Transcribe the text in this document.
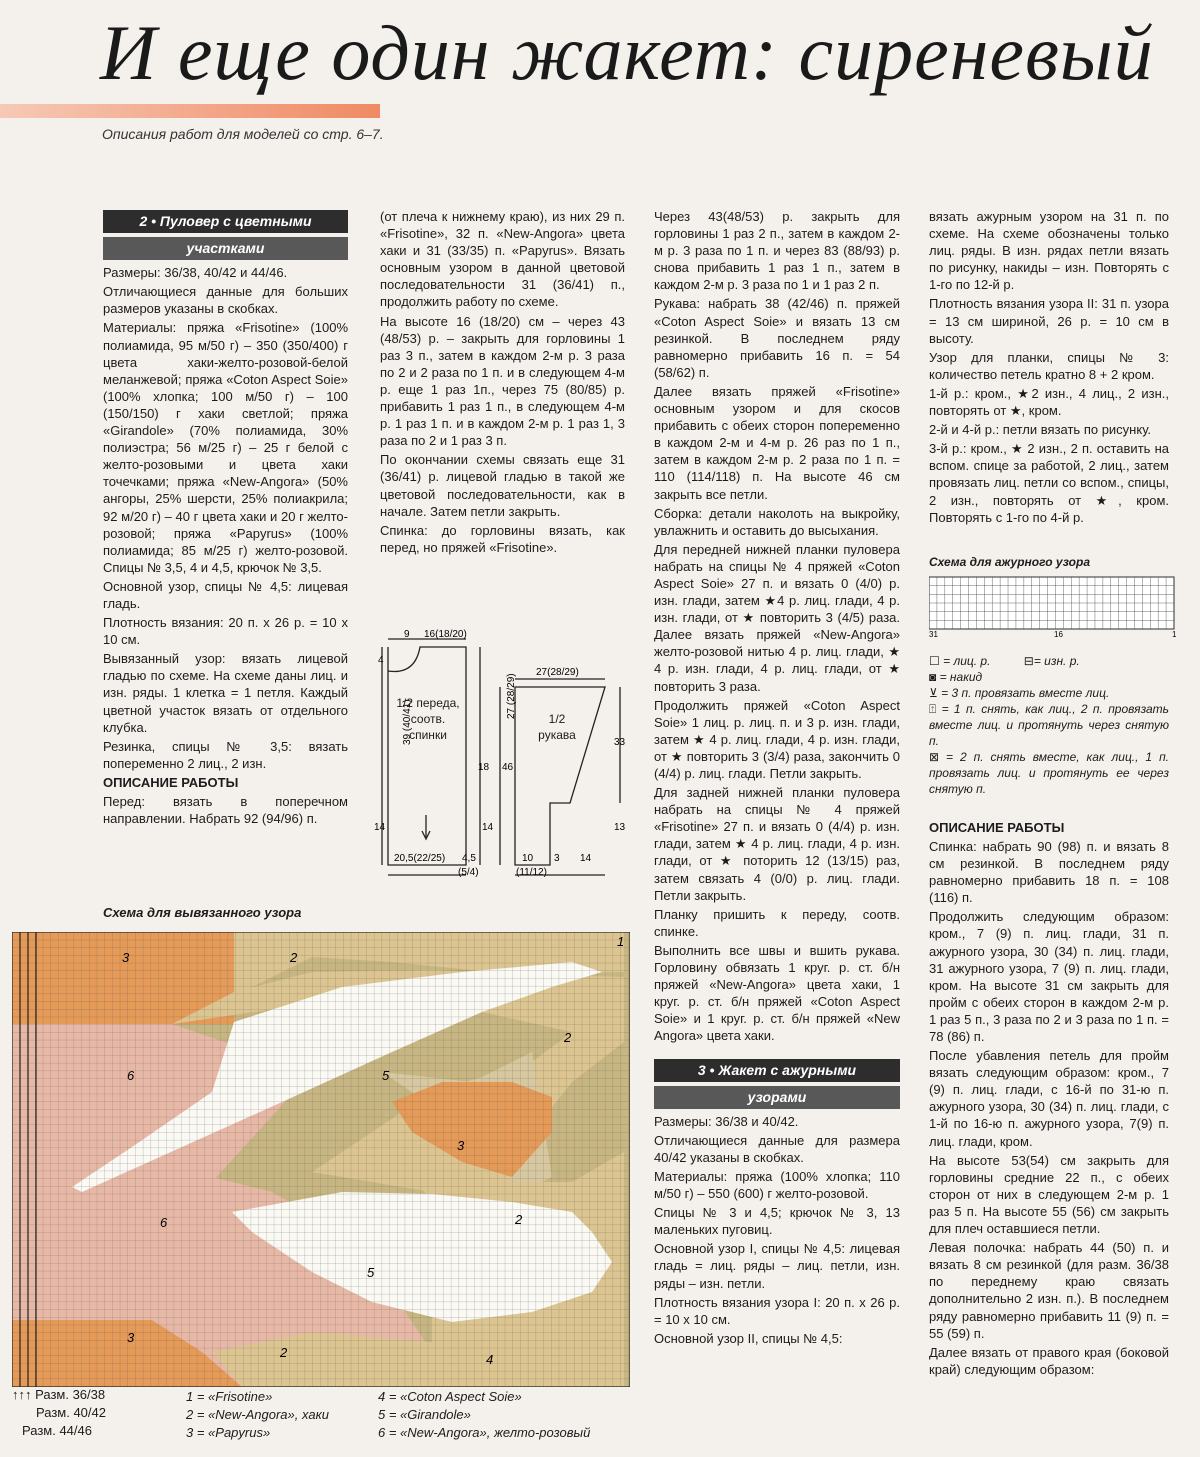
И еще один жакет: сиреневый
Описания работ для моделей со стр. 6–7.

2 • Пуловер с цветными

участками

Размеры: 36/38, 40/42 и 44/46.

Отличающиеся данные для больших размеров указаны в скобках.

Материалы: пряжа «Frisotine» (100% полиамида, 95 м/50 г) – 350 (350/400) г цвета хаки-желто-розовой-белой меланжевой; пряжа «Coton Aspect Soie» (100% хлопка; 100 м/50 г) – 100 (150/150) г хаки светлой; пряжа «Girandole» (70% полиамида, 30% полиэстра; 56 м/25 г) – 25 г белой с желто-розовыми и цвета хаки точечками; пряжа «New-Angora» (50% ангоры, 25% шерсти, 25% полиакрила; 92 м/20 г) – 40 г цвета хаки и 20 г желто-розовой; пряжа «Papyrus» (100% полиамида; 85 м/25 г) желто-розовой. Спицы № 3,5, 4 и 4,5, крючок № 3,5.

Основной узор, спицы № 4,5: лицевая гладь.

Плотность вязания: 20 п. x 26 р. = 10 x 10 см.

Вывязанный узор: вязать лицевой гладью по схеме. На схеме даны лиц. и изн. ряды. 1 клетка = 1 петля. Каждый цветной участок вязать от отдельного клубка.

Резинка, спицы № 3,5: вязать попеременно 2 лиц., 2 изн.

ОПИСАНИЕ РАБОТЫ

Перед: вязать в поперечном направлении. Набрать 92 (94/96) п.

(от плеча к нижнему краю), из них 29 п. «Frisotine», 32 п. «New-Angora» цвета хаки и 31 (33/35) п. «Papyrus». Вязать основным узором в данной цветовой последовательности 31 (36/41) п., продолжить работу по схеме.

На высоте 16 (18/20) см – через 43 (48/53) р. – закрыть для горловины 1 раз 3 п., затем в каждом 2-м р. 3 раза по 2 и 2 раза по 1 п. и в следующем 4-м р. еще 1 раз 1п., через 75 (80/85) р. прибавить 1 раз 1 п., в следующем 4-м р. 1 раз 1 п. и в каждом 2-м р. 1 раз 1, 3 раза по 2 и 1 раз 3 п.

По окончании схемы связать еще 31 (36/41) р. лицевой гладью в такой же цветовой последовательности, как в начале. Затем петли закрыть.

Спинка: до горловины вязать, как перед, но пряжей «Frisotine».

9 16(18/20)
4
39 (40/41)
27 (28/29)
18
14	14
20,5(22/25) 4,5
(5/4)
27(28/29)
46
33
13
10 3
(11/12)
14
1/2 переда, соотв. спинки
1/2 рукава

Через 43(48/53) р. закрыть для горловины 1 раз 2 п., затем в каждом 2-м р. 3 раза по 1 п. и через 83 (88/93) р. снова прибавить 1 раз 1 п., затем в каждом 2-м р. 3 раза по 1 и 1 раз 2 п.

Рукава: набрать 38 (42/46) п. пряжей «Coton Aspect Soie» и вязать 13 см резинкой. В последнем ряду равномерно прибавить 16 п. = 54 (58/62) п.

Далее вязать пряжей «Frisotine» основным узором и для скосов прибавить с обеих сторон попеременно в каждом 2-м и 4-м р. 26 раз по 1 п., затем в каждом 2-м р. 2 раза по 1 п. = 110 (114/118) п. На высоте 46 см закрыть все петли.

Сборка: детали наколоть на выкройку, увлажнить и оставить до высыхания.

Для передней нижней планки пуловера набрать на спицы № 4 пряжей «Coton Aspect Soie» 27 п. и вязать 0 (4/0) р. изн. глади, затем ★4 р. лиц. глади, 4 р. изн. глади, от ★ повторить 3 (4/5) раза. Далее вязать пряжей «New-Angora» желто-розовой нитью 4 р. лиц. глади, ★ 4 р. изн. глади, 4 р. лиц. глади, от ★ повторить 3 раза.

Продолжить пряжей «Coton Aspect Soie» 1 лиц. р. лиц. п. и 3 р. изн. глади, затем ★ 4 р. лиц. глади, 4 р. изн. глади, от ★ повторить 3 (3/4) раза, закончить 0 (4/4) р. лиц. глади. Петли закрыть.

Для задней нижней планки пуловера набрать на спицы № 4 пряжей «Frisotine» 27 п. и вязать 0 (4/4) р. изн. глади, затем ★ 4 р. лиц. глади, 4 р. изн. глади, от ★ поторить 12 (13/15) раз, затем связать 4 (0/0) р. лиц. глади. Петли закрыть.

Планку пришить к переду, соотв. спинке.

Выполнить все швы и вшить рукава. Горловину обвязать 1 круг. р. ст. б/н пряжей «New-Angora» цвета хаки, 1 круг. р. ст. б/н пряжей «Coton Aspect Soie» и 1 круг. р. ст. б/н пряжей «New Angora» цвета хаки.

3 • Жакет с ажурными

узорами

Размеры: 36/38 и 40/42.

Отличающиеся данные для размера 40/42 указаны в скобках.

Материалы: пряжа (100% хлопка; 110 м/50 г) – 550 (600) г желто-розовой.

Спицы № 3 и 4,5; крючок № 3, 13 маленьких пуговиц.

Основной узор I, спицы № 4,5: лицевая гладь = лиц. ряды – лиц. петли, изн. ряды – изн. петли.

Плотность вязания узора I: 20 п. x 26 р. = 10 x 10 см.

Основной узор II, спицы № 4,5:

вязать ажурным узором на 31 п. по схеме. На схеме обозначены только лиц. ряды. В изн. рядах петли вязать по рисунку, накиды – изн. Повторять с 1-го по 12-й р.

Плотность вязания узора II: 31 п. узора = 13 см шириной, 26 р. = 10 см в высоту.

Узор для планки, спицы № 3: количество петель кратно 8 + 2 кром.

1-й р.: кром., ★2 изн., 4 лиц., 2 изн., повторять от ★, кром.

2-й и 4-й р.: петли вязать по рисунку.

3-й р.: кром., ★ 2 изн., 2 п. оставить на вспом. спице за работой, 2 лиц., затем провязать лиц. петли со вспом., спицы, 2 изн., повторять от ★, кром. Повторять с 1-го по 4-й р.

Схема для ажурного узора

31	16	1
☐ = лиц. р.	⊟= изн. р.
◙ = накид
⊻ = 3 п. провязать вместе лиц.
⍐ = 1 п. снять, как лиц., 2 п. провязать вместе лиц. и протянуть через снятую п.
⊠ = 2 п. снять вместе, как лиц., 1 п. провязать лиц. и протянуть ее через снятую п.

ОПИСАНИЕ РАБОТЫ

Спинка: набрать 90 (98) п. и вязать 8 см резинкой. В последнем ряду равномерно прибавить 18 п. = 108 (116) п.

Продолжить следующим образом: кром., 7 (9) п. лиц. глади, 31 п. ажурного узора, 30 (34) п. лиц. глади, 31 ажурного узора, 7 (9) п. лиц. глади, кром. На высоте 31 см закрыть для пройм с обеих сторон в каждом 2-м р. 1 раз 5 п., 3 раза по 2 и 3 раза по 1 п. = 78 (86) п.

После убавления петель для пройм вязать следующим образом: кром., 7 (9) п. лиц. глади, с 16-й по 31-ю п. ажурного узора, 30 (34) п. лиц. глади, с 1-й по 16-ю п. ажурного узора, 7(9) п. лиц. глади, кром.

На высоте 53(54) см закрыть для горловины средние 22 п., с обеих сторон от них в следующем 2-м р. 1 раз 5 п. На высоте 55 (56) см закрыть для плеч оставшиеся петли.

Левая полочка: набрать 44 (50) п. и вязать 8 см резинкой (для разм. 36/38 по переднему краю связать дополнительно 2 изн. п.). В последнем ряду равномерно прибавить 11 (9) п. = 55 (59) п.

Далее вязать от правого края (боковой край) следующим образом:

Схема для вывязанного узора
3	2
1
6	5
2
3
6	2
5
3
2	4
↑↑↑ Разм. 36/38
Разм. 40/42
Разм. 44/46
1 = «Frisotine»
2 = «New-Angora», хаки
3 = «Papyrus»
4 = «Coton Aspect Soie»
5 = «Girandole»
6 = «New-Angora», желто-розовый
